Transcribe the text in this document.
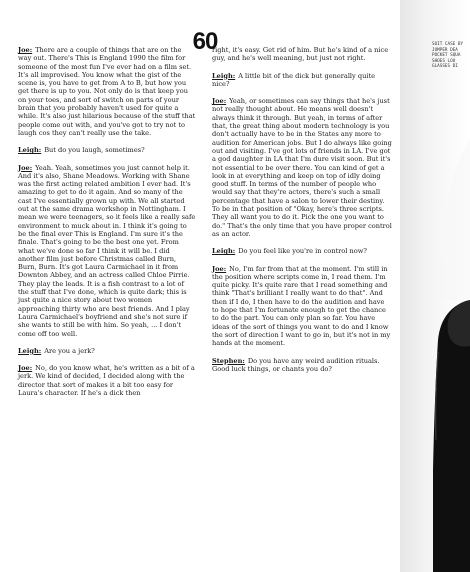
60

Joe: There are a couple of things that are on the way out. There's This is England 1990 the film for someone of the most fun I've ever had on a film set. It's all improvised. You know what the gist of the scene is, you have to get from A to B, but how you get there is up to you. Not only do is that keep you on your toes, and sort of switch on parts of your brain that you probably haven't used for quite a while. It's also just hilarious because of the stuff that people come out with, and you've got to try not to laugh cos they can't really use the take.

Leigh: But do you laugh, sometimes?

Joe: Yeah. Yeah, sometimes you just cannot help it. And it's also, Shane Meadows. Working with Shane was the first acting related ambition I ever had. It's amazing to get to do it again. And so many of the cast I've essentially grown up with. We all started out at the same drama workshop in Nottingham. I mean we were teenagers, so it feels like a really safe environment to muck about in. I think it's going to be the final ever This is England. I'm sure it's the finale. That's going to be the best one yet. From what we've done so far I think it will be. I did another film just before Christmas called Burn, Burn, Burn. It's got Laura Carmichael in it from Downton Abbey, and an actress called Chloe Pirrie. They play the leads. It is a fish contrast to a lot of the stuff that I've done, which is quite dark; this is just quite a nice story about two women approaching thirty who are best friends. And I play Laura Carmichael's boyfriend and she's not sure if she wants to still be with him. So yeah, ... I don't come off too well.

Leigh: Are you a jerk?

Joe: No, do you know what, he's written as a bit of a jerk. We kind of decided, I decided along with the director that sort of makes it a bit too easy for Laura's character. If he's a dick then

right, it's easy. Get rid of him. But he's kind of a nice guy, and he's well meaning, but just not right.

Leigh: A little bit of the dick but generally quite nice?

Joe: Yeah, or sometimes can say things that he's just not really thought about. He means well doesn't always think it through. But yeah, in terms of after that, the great thing about modern technology is you don't actually have to be in the States any more to audition for American jobs. But I do always like going out and visiting. I've got lots of friends in LA. I've got a god daughter in LA that I'm dure visit soon. But it's not essential to be over there. You can kind of get a look in at everything and keep on top of idly doing good stuff. In terms of the number of people who would say that they're actors, there's such a small percentage that have a salon to lower their destiny. To be in that position of "Okay, here's three scripts. They all want you to do it. Pick the one you want to do." That's the only time that you have proper control as an actor.

Leigh: Do you feel like you're in control now?

Joe: No, I'm far from that at the moment. I'm still in the position where scripts come in, I read them. I'm quite picky. It's quite rare that I read something and think "That's brilliant I really want to do that". And then if I do, I then have to do the audition and have to hope that I'm fortunate enough to get the chance to do the part. You can only plan so far. You have ideas of the sort of things you want to do and I know the sort of direction I want to go in, but it's not in my hands at the moment.

Stephen: Do you have any weird audition rituals. Good luck things, or chants you do?

SUIT CASE BY
JUMPER DEA
POCKET SQUA
SHOES LOU
GLASSES DI
